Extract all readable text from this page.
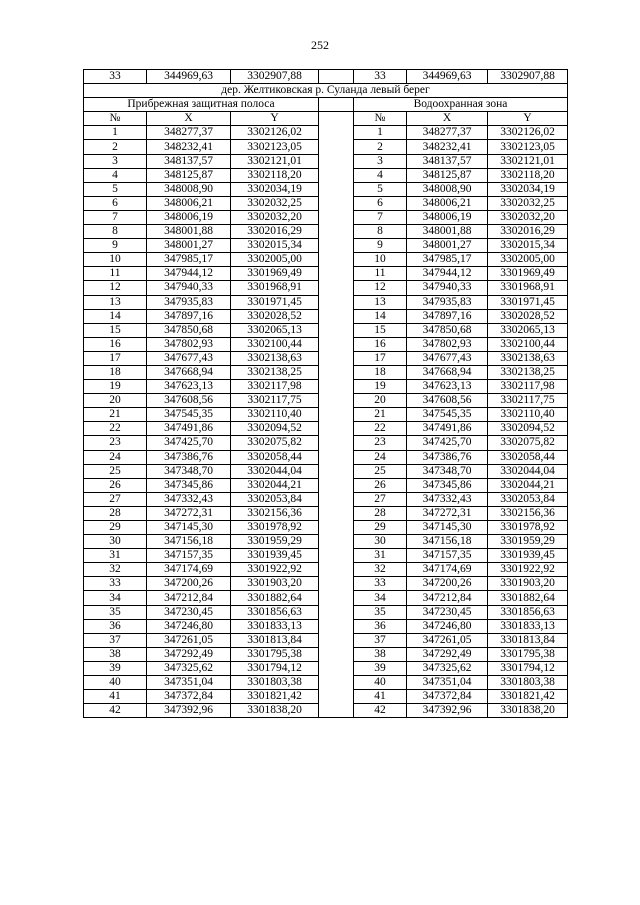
252
33	344969,63	3302907,88		33	344969,63	3302907,88
дер. Желтиковская р. Суланда левый берег						
Прибрежная защитная полоса				Водоохранная зона		
№	X	Y		№	X	Y
1	348277,37	3302126,02		1	348277,37	3302126,02
2	348232,41	3302123,05		2	348232,41	3302123,05
3	348137,57	3302121,01		3	348137,57	3302121,01
4	348125,87	3302118,20		4	348125,87	3302118,20
5	348008,90	3302034,19		5	348008,90	3302034,19
6	348006,21	3302032,25		6	348006,21	3302032,25
7	348006,19	3302032,20		7	348006,19	3302032,20
8	348001,88	3302016,29		8	348001,88	3302016,29
9	348001,27	3302015,34		9	348001,27	3302015,34
10	347985,17	3302005,00		10	347985,17	3302005,00
11	347944,12	3301969,49		11	347944,12	3301969,49
12	347940,33	3301968,91		12	347940,33	3301968,91
13	347935,83	3301971,45		13	347935,83	3301971,45
14	347897,16	3302028,52		14	347897,16	3302028,52
15	347850,68	3302065,13		15	347850,68	3302065,13
16	347802,93	3302100,44		16	347802,93	3302100,44
17	347677,43	3302138,63		17	347677,43	3302138,63
18	347668,94	3302138,25		18	347668,94	3302138,25
19	347623,13	3302117,98		19	347623,13	3302117,98
20	347608,56	3302117,75		20	347608,56	3302117,75
21	347545,35	3302110,40		21	347545,35	3302110,40
22	347491,86	3302094,52		22	347491,86	3302094,52
23	347425,70	3302075,82		23	347425,70	3302075,82
24	347386,76	3302058,44		24	347386,76	3302058,44
25	347348,70	3302044,04		25	347348,70	3302044,04
26	347345,86	3302044,21		26	347345,86	3302044,21
27	347332,43	3302053,84		27	347332,43	3302053,84
28	347272,31	3302156,36		28	347272,31	3302156,36
29	347145,30	3301978,92		29	347145,30	3301978,92
30	347156,18	3301959,29		30	347156,18	3301959,29
31	347157,35	3301939,45		31	347157,35	3301939,45
32	347174,69	3301922,92		32	347174,69	3301922,92
33	347200,26	3301903,20		33	347200,26	3301903,20
34	347212,84	3301882,64		34	347212,84	3301882,64
35	347230,45	3301856,63		35	347230,45	3301856,63
36	347246,80	3301833,13		36	347246,80	3301833,13
37	347261,05	3301813,84		37	347261,05	3301813,84
38	347292,49	3301795,38		38	347292,49	3301795,38
39	347325,62	3301794,12		39	347325,62	3301794,12
40	347351,04	3301803,38		40	347351,04	3301803,38
41	347372,84	3301821,42		41	347372,84	3301821,42
42	347392,96	3301838,20		42	347392,96	3301838,20
